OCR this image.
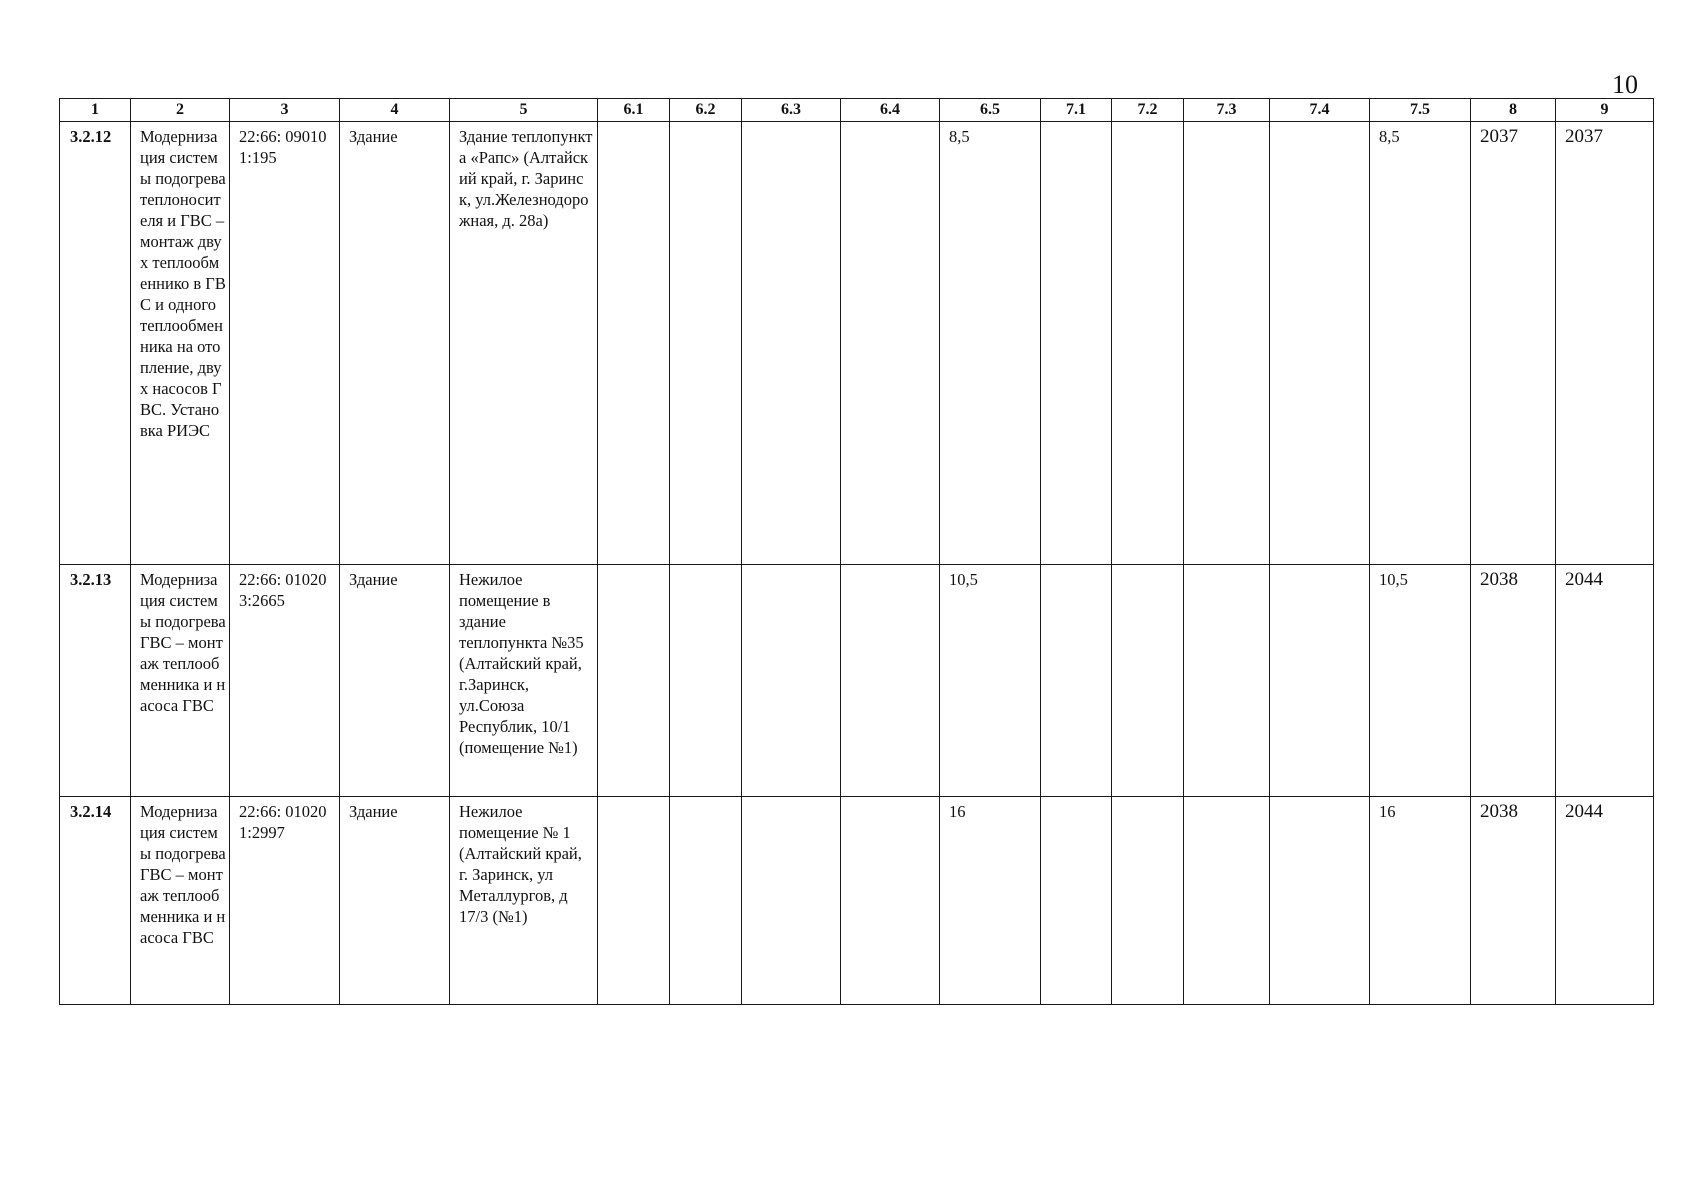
10
1	2	3	4	5	6.1	6.2	6.3	6.4	6.5	7.1	7.2	7.3	7.4	7.5	8	9
3.2.12	Модернизация системы подогрева теплоносителя и ГВС – монтаж двух теплообменнико в ГВС и одного теплообменника на отопление, двух насосов ГВС. Установка РИЭС	22:66: 090101:195	Здание	Здание теплопункта «Рапс» (Алтайский край, г. Заринск, ул.Железнодорожная, д. 28а)					8,5					8,5	2037	2037
3.2.13	Модернизация системы подогрева ГВС – монтаж теплообменника и насоса ГВС	22:66: 010203:2665	Здание	Нежилое помещение в здание теплопункта №35 (Алтайский край, г.Заринск, ул.Союза Республик, 10/1 (помещение №1)					10,5					10,5	2038	2044
3.2.14	Модернизация системы подогрева ГВС – монтаж теплообменника и насоса ГВС	22:66: 010201:2997	Здание	Нежилое помещение № 1 (Алтайский край, г. Заринск, ул Металлургов, д 17/3 (№1)					16					16	2038	2044
